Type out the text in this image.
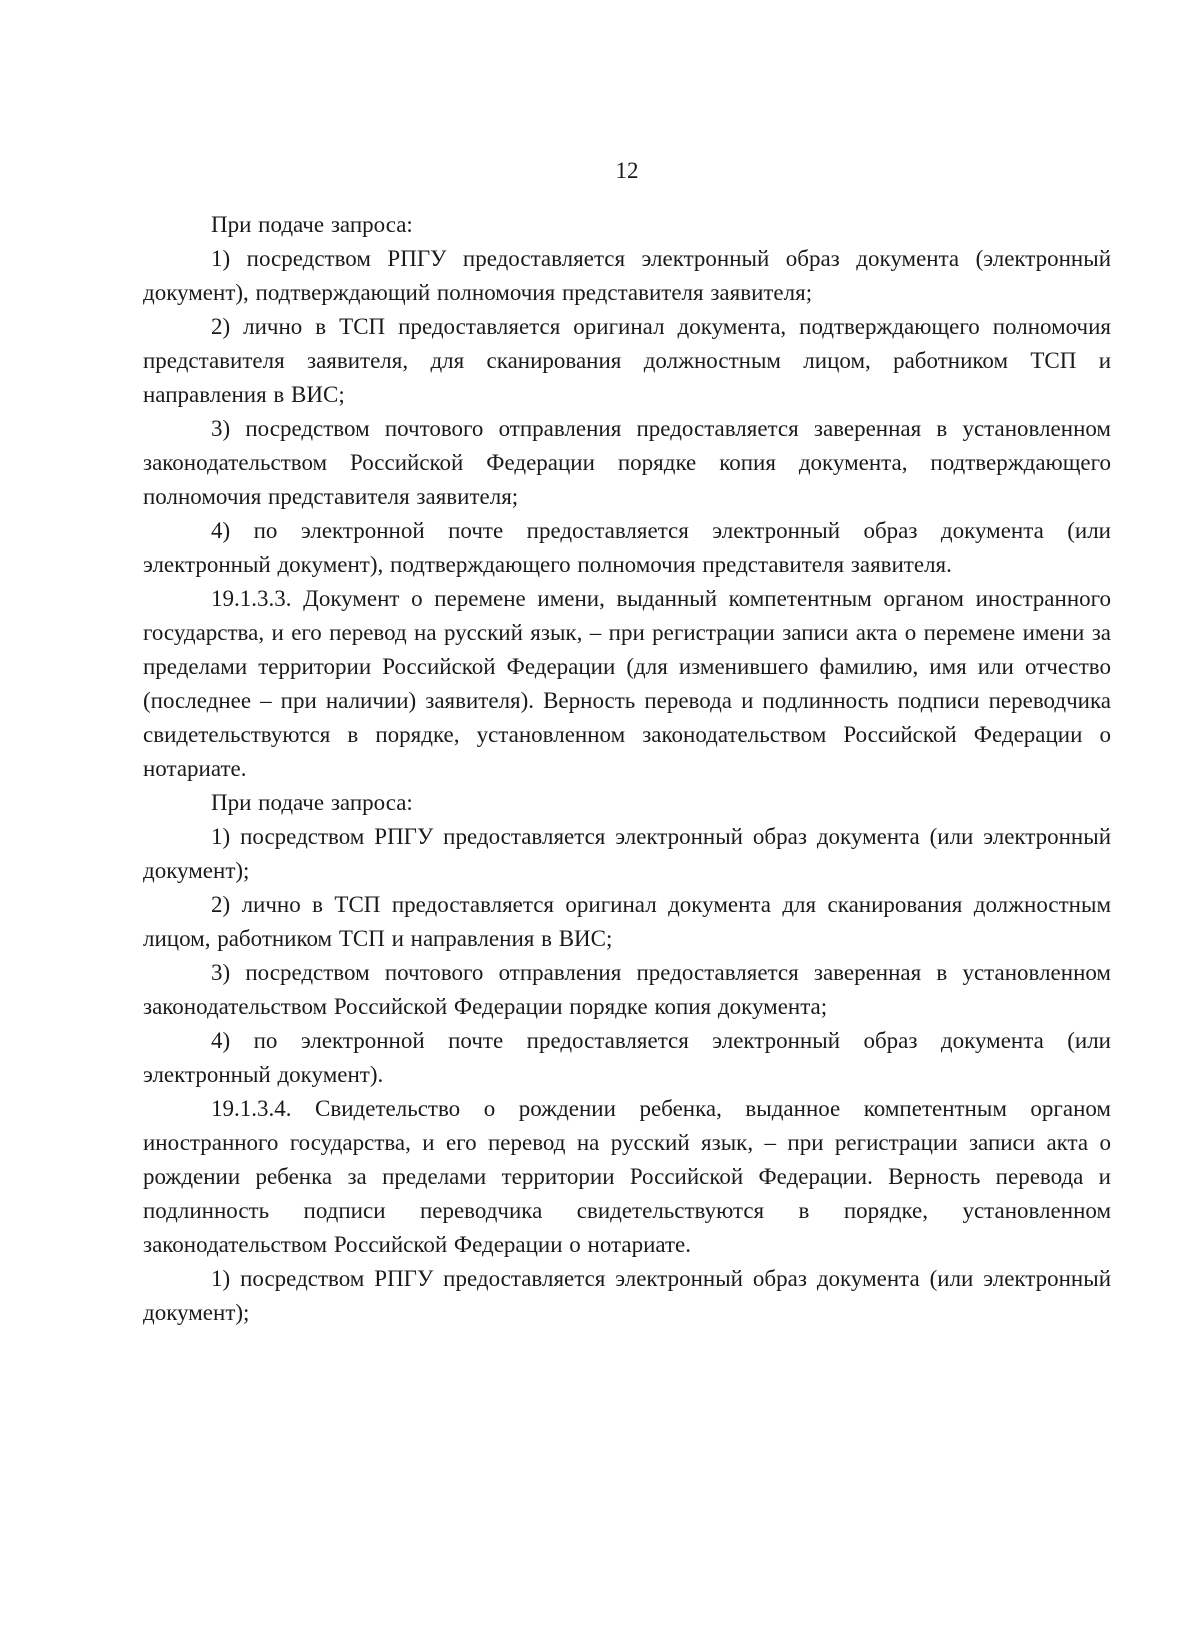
12

При подаче запроса:

1) посредством РПГУ предоставляется электронный образ документа (электронный документ), подтверждающий полномочия представителя заявителя;

2) лично в ТСП предоставляется оригинал документа, подтверждающего полномочия представителя заявителя, для сканирования должностным лицом, работником ТСП и направления в ВИС;

3) посредством почтового отправления предоставляется заверенная в установленном законодательством Российской Федерации порядке копия документа, подтверждающего полномочия представителя заявителя;

4) по электронной почте предоставляется электронный образ документа (или электронный документ), подтверждающего полномочия представителя заявителя.

19.1.3.3. Документ о перемене имени, выданный компетентным органом иностранного государства, и его перевод на русский язык, – при регистрации записи акта о перемене имени за пределами территории Российской Федерации (для изменившего фамилию, имя или отчество (последнее – при наличии) заявителя). Верность перевода и подлинность подписи переводчика свидетельствуются в порядке, установленном законодательством Российской Федерации о нотариате.

При подаче запроса:

1) посредством РПГУ предоставляется электронный образ документа (или электронный документ);

2) лично в ТСП предоставляется оригинал документа для сканирования должностным лицом, работником ТСП и направления в ВИС;

3) посредством почтового отправления предоставляется заверенная в установленном законодательством Российской Федерации порядке копия документа;

4) по электронной почте предоставляется электронный образ документа (или электронный документ).

19.1.3.4. Свидетельство о рождении ребенка, выданное компетентным органом иностранного государства, и его перевод на русский язык, – при регистрации записи акта о рождении ребенка за пределами территории Российской Федерации. Верность перевода и подлинность подписи переводчика свидетельствуются в порядке, установленном законодательством Российской Федерации о нотариате.

1) посредством РПГУ предоставляется электронный образ документа (или электронный документ);
